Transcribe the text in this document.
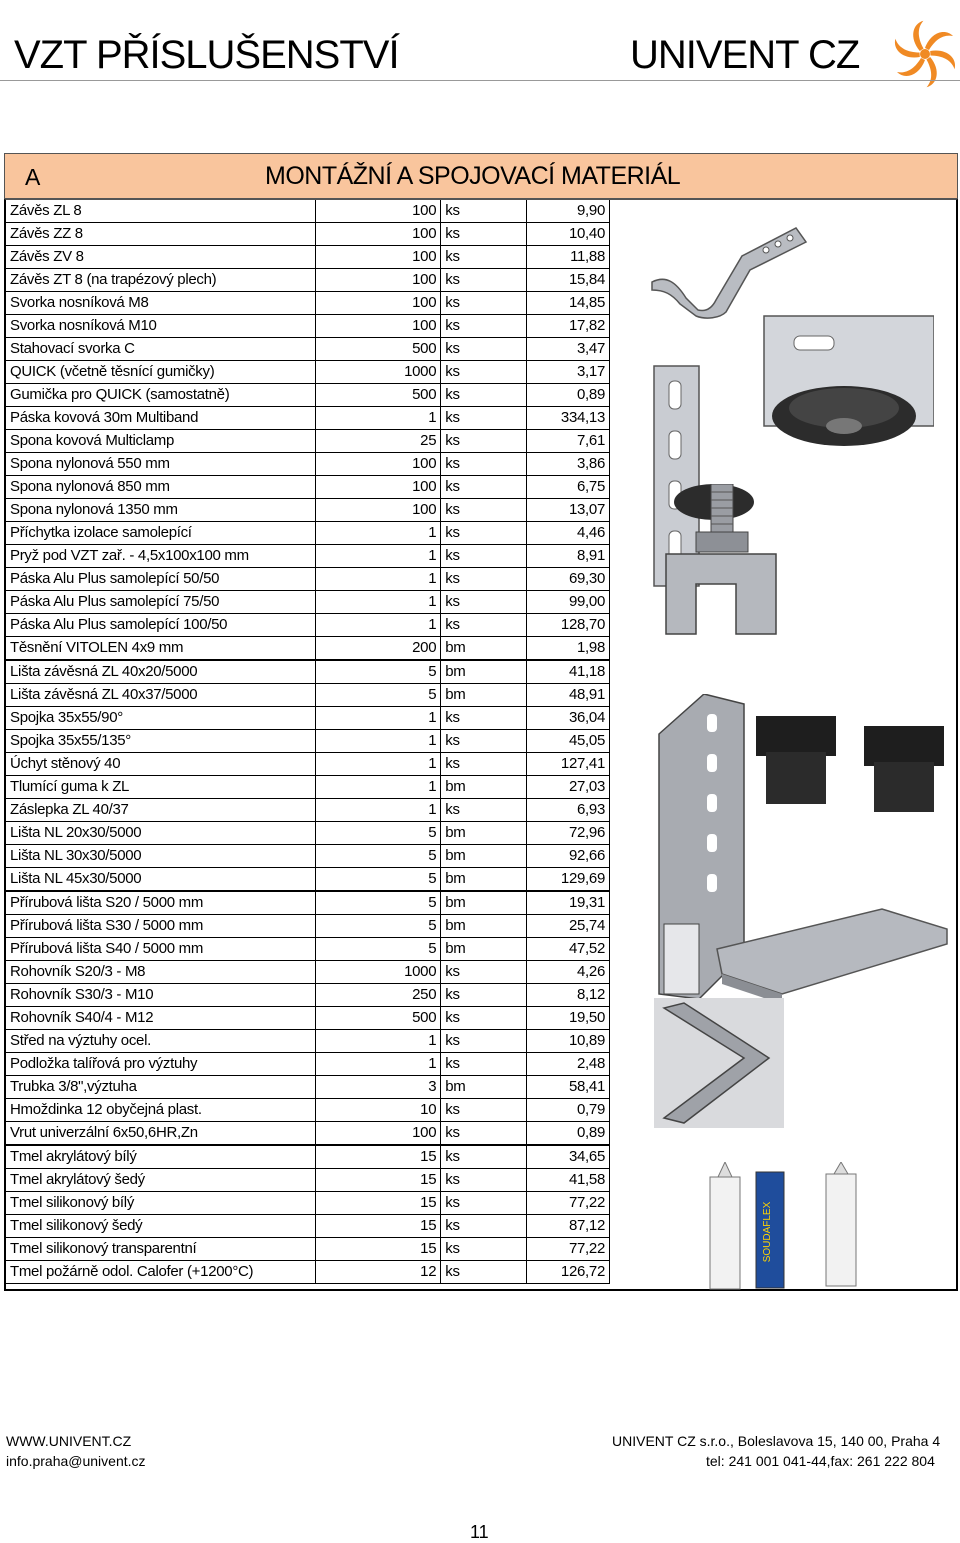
VZT PŘÍSLUŠENSTVÍ	UNIVENT CZ
A	MONTÁŽNÍ A SPOJOVACÍ MATERIÁL
Závěs ZL 8	100	ks	9,90
Závěs ZZ 8	100	ks	10,40
Závěs ZV 8	100	ks	11,88
Závěs ZT 8 (na trapézový plech)	100	ks	15,84
Svorka nosníková M8	100	ks	14,85
Svorka nosníková M10	100	ks	17,82
Stahovací svorka C	500	ks	3,47
QUICK (včetně těsnící gumičky)	1000	ks	3,17
Gumička pro QUICK (samostatně)	500	ks	0,89
Páska kovová 30m Multiband	1	ks	334,13
Spona kovová Multiclamp	25	ks	7,61
Spona nylonová 550 mm	100	ks	3,86
Spona nylonová 850 mm	100	ks	6,75
Spona nylonová 1350 mm	100	ks	13,07
Příchytka izolace samolepící	1	ks	4,46
Pryž pod VZT zař. - 4,5x100x100 mm	1	ks	8,91
Páska Alu Plus samolepící 50/50	1	ks	69,30
Páska Alu Plus samolepící 75/50	1	ks	99,00
Páska Alu Plus samolepící 100/50	1	ks	128,70
Těsnění VITOLEN 4x9 mm	200	bm	1,98
Lišta závěsná ZL 40x20/5000	5	bm	41,18
Lišta závěsná ZL 40x37/5000	5	bm	48,91
Spojka 35x55/90°	1	ks	36,04
Spojka 35x55/135°	1	ks	45,05
Úchyt stěnový 40	1	ks	127,41
Tlumící guma k ZL	1	bm	27,03
Záslepka ZL 40/37	1	ks	6,93
Lišta NL 20x30/5000	5	bm	72,96
Lišta NL 30x30/5000	5	bm	92,66
Lišta NL 45x30/5000	5	bm	129,69
Přírubová lišta S20 / 5000 mm	5	bm	19,31
Přírubová lišta S30 / 5000 mm	5	bm	25,74
Přírubová lišta S40 / 5000 mm	5	bm	47,52
Rohovník S20/3 - M8	1000	ks	4,26
Rohovník S30/3 - M10	250	ks	8,12
Rohovník S40/4 - M12	500	ks	19,50
Střed na výztuhy ocel.	1	ks	10,89
Podložka talířová pro výztuhy	1	ks	2,48
Trubka 3/8",výztuha	3	bm	58,41
Hmoždinka 12 obyčejná plast.	10	ks	0,79
Vrut univerzální 6x50,6HR,Zn	100	ks	0,89
Tmel akrylátový bílý	15	ks	34,65
Tmel akrylátový šedý	15	ks	41,58
Tmel silikonový bílý	15	ks	77,22
Tmel silikonový šedý	15	ks	87,12
Tmel silikonový transparentní	15	ks	77,22
Tmel požárně odol. Calofer (+1200°C)	12	ks	126,72
SOUDAFLEX
WWW.UNIVENT.CZ
info.praha@univent.cz
UNIVENT CZ s.r.o., Boleslavova 15, 140 00, Praha 4
tel: 241 001 041-44,fax: 261 222 804
11
